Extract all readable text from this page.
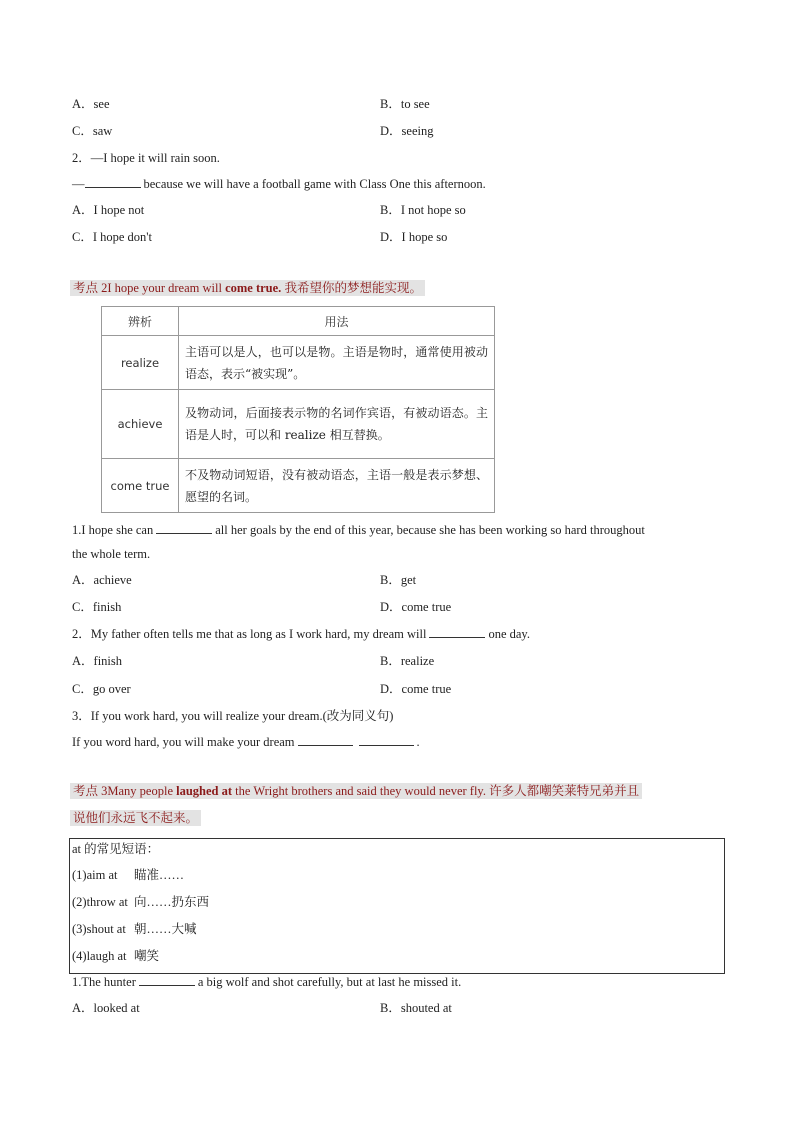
A．see	B．to see
C．saw	D．seeing
2．—I hope it will rain soon.
—	because we will have a football game with Class One this afternoon.
A．I hope not	B．I not hope so
C．I hope don't	D．I hope so
考点 2I hope your dream will come true. 我希望你的梦想能实现。
辨析	用法
realize	主语可以是人，也可以是物。主语是物时，通常使用被动语态，表示“被实现”。
achieve	及物动词，后面接表示物的名词作宾语，有被动语态。主语是人时，可以和 realize 相互替换。
come true	不及物动词短语，没有被动语态，主语一般是表示梦想、愿望的名词。
1.I hope she can	all her goals by the end of this year, because she has been working so hard throughout
the whole term.
A．achieve	B．get
C．finish	D．come true
2．My father often tells me that as long as I work hard, my dream will	one day.
A．finish	B．realize
C．go over	D．come true
3．If you work hard, you will realize your dream.(改为同义句)
If you word hard, you will make your dream	.
考点 3Many people laughed at the Wright brothers and said they would never fly. 许多人都嘲笑莱特兄弟并且
说他们永远飞不起来。
at 的常见短语：
(1)aim at 瞄准……
(2)throw at 向……扔东西
(3)shout at 朝……大喊
(4)laugh at 嘲笑
1.The hunter	a big wolf and shot carefully, but at last he missed it.
A．looked at	B．shouted at
